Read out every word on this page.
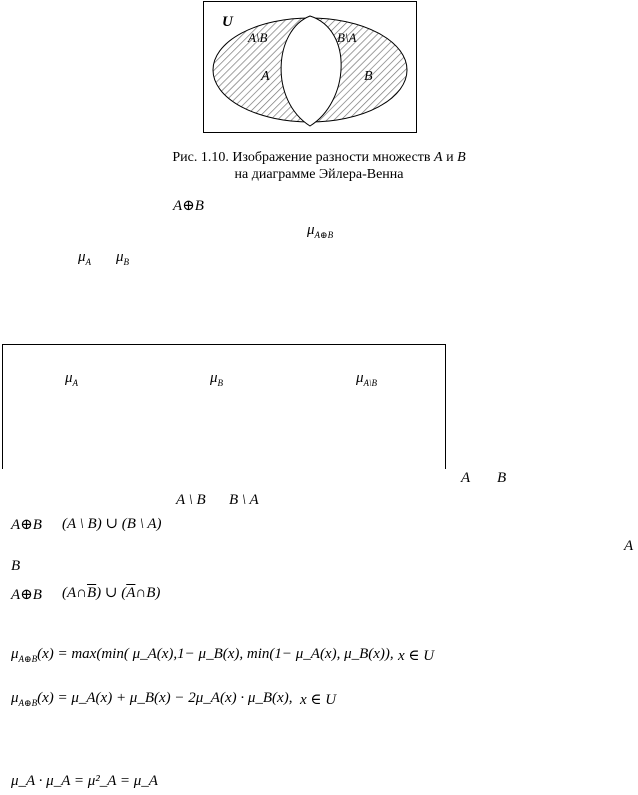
U
A\B	B\A
A	B
Рис. 1.10. Изображение разности множеств A и B
на диаграмме Эйлера-Венна
A⊕B
$\mu_{A\oplus B}$
$\mu_A$ $\mu_B$
$\mu_A$	$\mu_B$	$\mu_{A\backslash B}$
A B
A \ B B \ A
A⊕B (A \ B) ∪ (B \ A)
A
B
A⊕B $(A\cap\overline{B})$ ∪ $(\overline{A}\cap B)$
$\mu_{A\oplus B}(x) = \max(\min$( μ_A(x),1− μ_B(x), min(1− μ_A(x), μ_B(x)), x ∈ U
$\mu_{A\oplus B}(x)$ = μ_A(x) + μ_B(x) − 2μ_A(x) · μ_B(x), x ∈ U
μ_A · μ_A = μ²_A = μ_A
